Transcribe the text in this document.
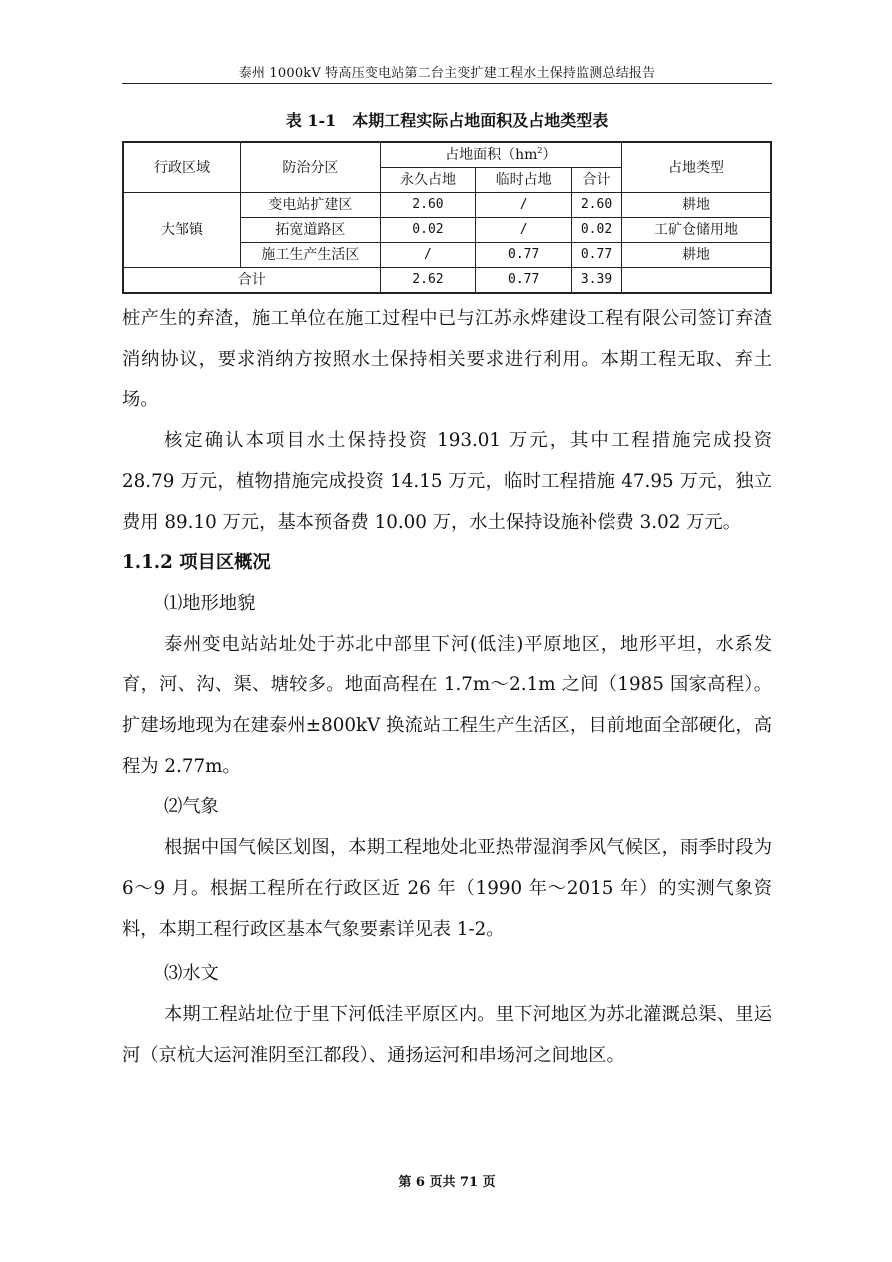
泰州 1000kV 特高压变电站第二台主变扩建工程水土保持监测总结报告
表 1-1　本期工程实际占地面积及占地类型表
行政区域	防治分区	占地面积$(hm^2)$			占地类型
		永久占地	临时占地	合计	
大邹镇	变电站扩建区	2.60	/	2.60	耕地
	拓宽道路区	0.02	/	0.02	工矿仓储用地
	施工生产生活区	/	0.77	0.77	耕地
合计		2.62	0.77	3.39	

桩产生的弃渣，施工单位在施工过程中已与江苏永烨建设工程有限公司签订弃渣消纳协议，要求消纳方按照水土保持相关要求进行利用。本期工程无取、弃土场。

核定确认本项目水土保持投资 193.01 万元，其中工程措施完成投资 28.79 万元，植物措施完成投资 14.15 万元，临时工程措施 47.95 万元，独立费用 89.10 万元，基本预备费 10.00 万，水土保持设施补偿费 3.02 万元。

1.1.2 项目区概况

⑴地形地貌

泰州变电站站址处于苏北中部里下河(低洼)平原地区，地形平坦，水系发育，河、沟、渠、塘较多。地面高程在 1.7m～2.1m 之间（1985 国家高程）。扩建场地现为在建泰州±800kV 换流站工程生产生活区，目前地面全部硬化，高程为 2.77m。

⑵气象

根据中国气候区划图，本期工程地处北亚热带湿润季风气候区，雨季时段为 6～9 月。根据工程所在行政区近 26 年（1990 年～2015 年）的实测气象资料，本期工程行政区基本气象要素详见表 1-2。

⑶水文

本期工程站址位于里下河低洼平原区内。里下河地区为苏北灌溉总渠、里运河（京杭大运河淮阴至江都段）、通扬运河和串场河之间地区。

第 6 页共 71 页
